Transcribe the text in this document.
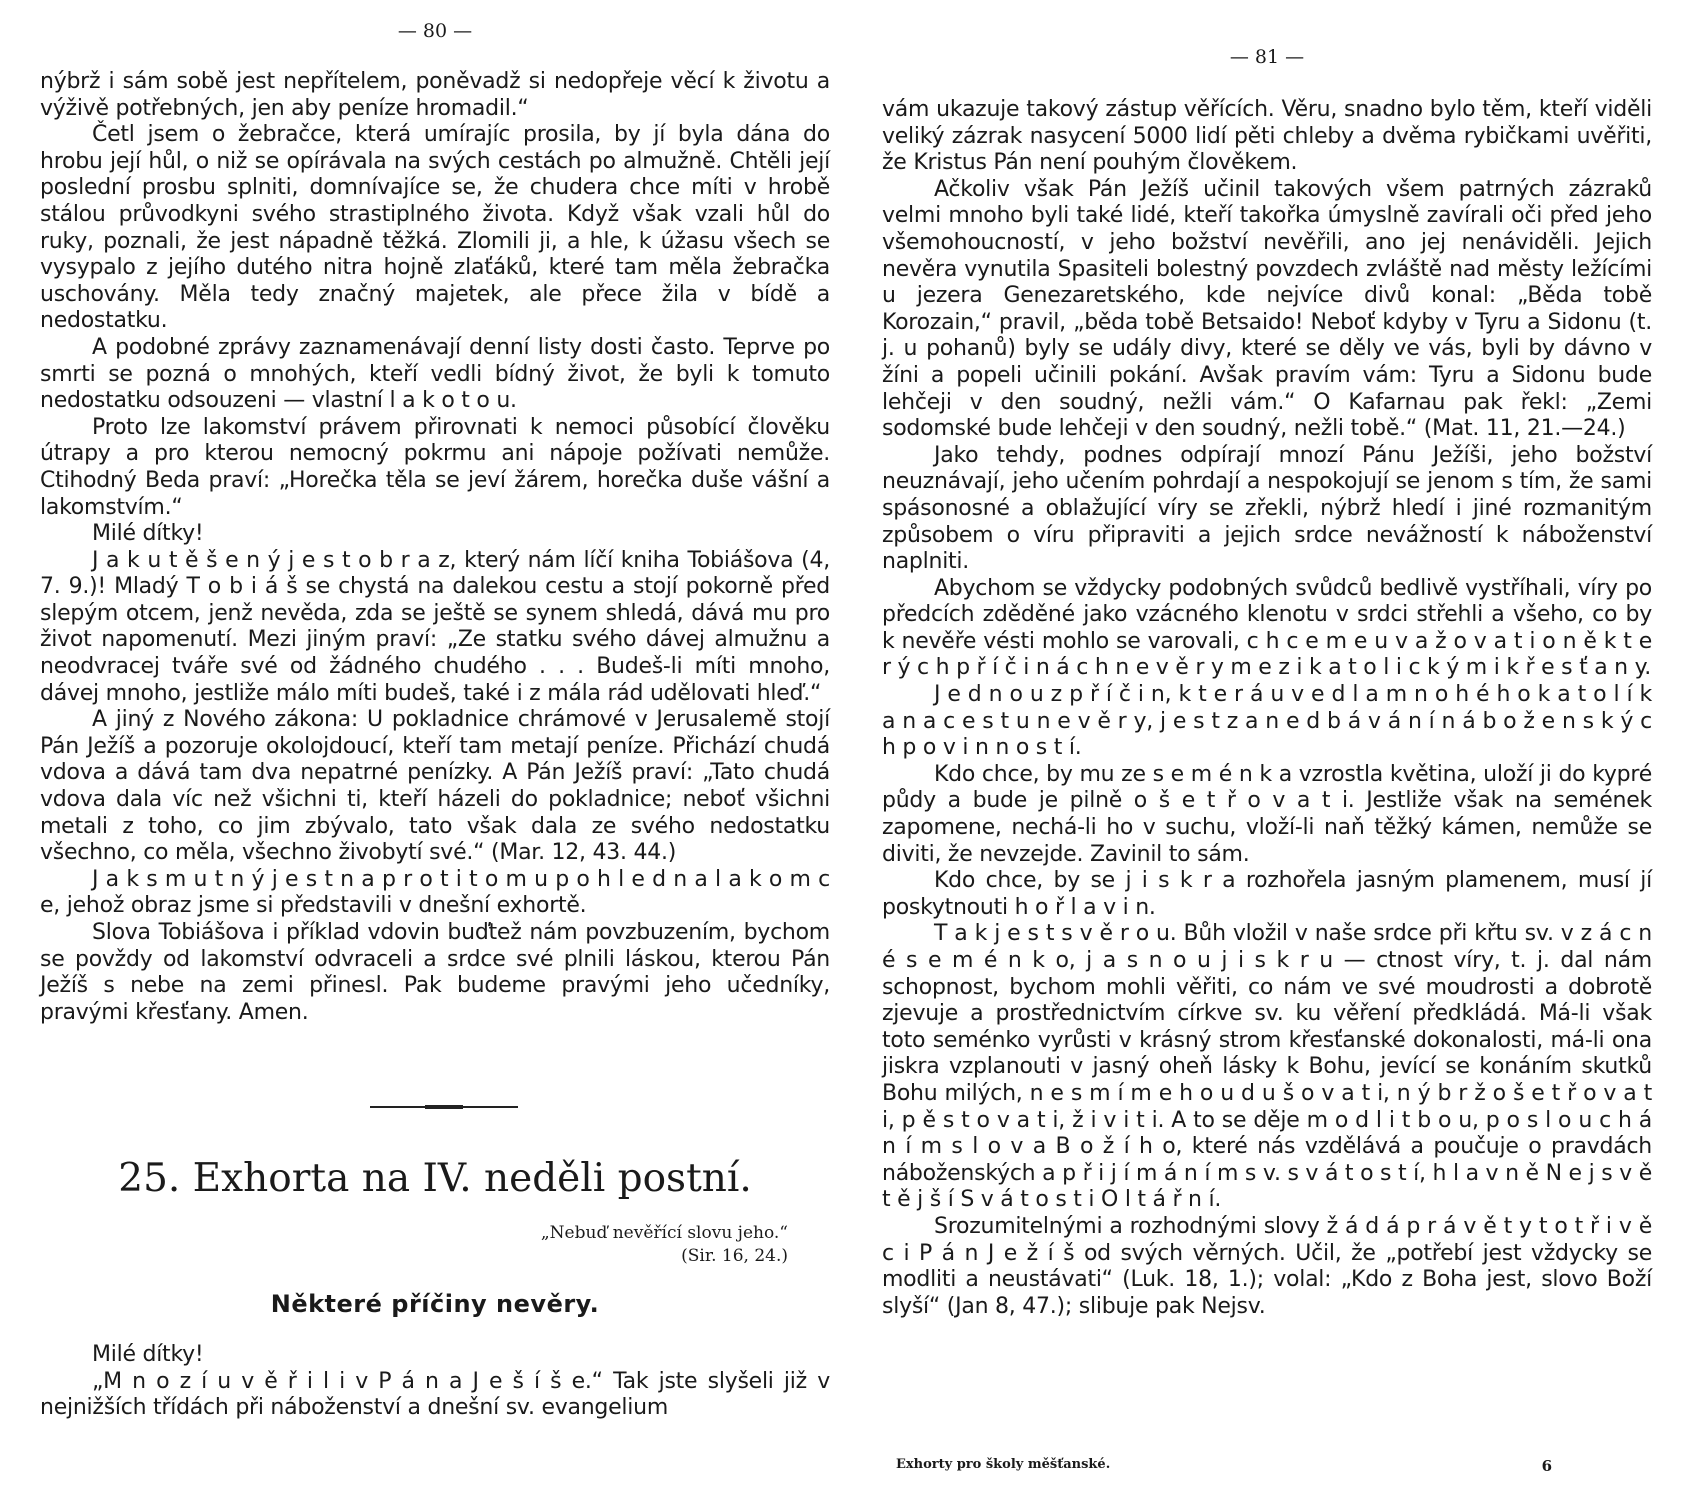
— 80 —

nýbrž i sám sobě jest nepřítelem, poněvadž si nedopřeje věcí k životu a výživě potřebných, jen aby peníze hromadil.“

Četl jsem o žebračce, která umírajíc prosila, by jí byla dána do hrobu její hůl, o niž se opírávala na svých cestách po almužně. Chtěli její poslední prosbu splniti, domnívajíce se, že chudera chce míti v hrobě stálou průvodkyni svého strastiplného života. Když však vzali hůl do ruky, poznali, že jest nápadně těžká. Zlomili ji, a hle, k úžasu všech se vysypalo z jejího dutého nitra hojně zlaťáků, které tam měla žebračka uschovány. Měla tedy značný majetek, ale přece žila v bídě a nedostatku.

A podobné zprávy zaznamenávají denní listy dosti často. Teprve po smrti se pozná o mnohých, kteří vedli bídný život, že byli k tomuto nedostatku odsouzeni — vlastní l a k o t o u.

Proto lze lakomství právem přirovnati k nemoci působící člověku útrapy a pro kterou nemocný pokrmu ani nápoje požívati nemůže. Ctihodný Beda praví: „Horečka těla se jeví žárem, horečka duše vášní a lakomstvím.“

Milé dítky!

J a k u t ě š e n ý j e s t o b r a z, který nám líčí kniha Tobiášova (4, 7. 9.)! Mladý T o b i á š se chystá na dalekou cestu a stojí pokorně před slepým otcem, jenž nevěda, zda se ještě se synem shledá, dává mu pro život napomenutí. Mezi jiným praví: „Ze statku svého dávej almužnu a neodvracej tváře své od žádného chudého . . . Budeš-li míti mnoho, dávej mnoho, jestliže málo míti budeš, také i z mála rád udělovati hleď.“

A jiný z Nového zákona: U pokladnice chrámové v Jerusalemě stojí Pán Ježíš a pozoruje okolojdoucí, kteří tam metají peníze. Přichází chudá vdova a dává tam dva nepatrné penízky. A Pán Ježíš praví: „Tato chudá vdova dala víc než všichni ti, kteří házeli do pokladnice; neboť všichni metali z toho, co jim zbývalo, tato však dala ze svého nedostatku všechno, co měla, všechno živobytí své.“ (Mar. 12, 43. 44.)

J a k s m u t n ý j e s t n a p r o t i t o m u p o h l e d n a l a k o m c e, jehož obraz jsme si představili v dnešní exhortě.

Slova Tobiášova i příklad vdovin buďtež nám povzbuzením, bychom se povždy od lakomství odvraceli a srdce své plnili láskou, kterou Pán Ježíš s nebe na zemi přinesl. Pak budeme pravými jeho učedníky, pravými křesťany. Amen.

25. Exhorta na IV. neděli postní.
„Nebuď nevěřící slovu jeho.“
(Sir. 16, 24.)
Některé příčiny nevěry.

Milé dítky!

„M n o z í u v ě ř i l i v P á n a J e š í š e.“ Tak jste slyšeli již v nejnižších třídách při náboženství a dnešní sv. evangelium

— 81 —

vám ukazuje takový zástup věřících. Věru, snadno bylo těm, kteří viděli veliký zázrak nasycení 5000 lidí pěti chleby a dvěma rybičkami uvěřiti, že Kristus Pán není pouhým člověkem.

Ačkoliv však Pán Ježíš učinil takových všem patrných zázraků velmi mnoho byli také lidé, kteří takořka úmyslně zavírali oči před jeho všemohoucností, v jeho božství nevěřili, ano jej nenáviděli. Jejich nevěra vynutila Spasiteli bolestný povzdech zvláště nad městy ležícími u jezera Genezaretského, kde nejvíce divů konal: „Běda tobě Korozain,“ pravil, „běda tobě Betsaido! Neboť kdyby v Tyru a Sidonu (t. j. u pohanů) byly se udály divy, které se děly ve vás, byli by dávno v žíni a popeli učinili pokání. Avšak pravím vám: Tyru a Sidonu bude lehčeji v den soudný, nežli vám.“ O Kafarnau pak řekl: „Zemi sodomské bude lehčeji v den soudný, nežli tobě.“ (Mat. 11, 21.—24.)

Jako tehdy, podnes odpírají mnozí Pánu Ježíši, jeho božství neuznávají, jeho učením pohrdají a nespokojují se jenom s tím, že sami spásonosné a oblažující víry se zřekli, nýbrž hledí i jiné rozmanitým způsobem o víru připraviti a jejich srdce nevážností k náboženství naplniti.

Abychom se vždycky podobných svůdců bedlivě vystříhali, víry po předcích zděděné jako vzácného klenotu v srdci střehli a všeho, co by k nevěře vésti mohlo se varovali, c h c e m e u v a ž o v a t i o n ě k t e r ý c h p ř í č i n á c h n e v ě r y m e z i k a t o l i c k ý m i k ř e s ť a n y.

J e d n o u z p ř í č i n, k t e r á u v e d l a m n o h é h o k a t o l í k a n a c e s t u n e v ě r y, j e s t z a n e d b á v á n í n á b o ž e n s k ý c h p o v i n n o s t í.

Kdo chce, by mu ze s e m é n k a vzrostla květina, uloží ji do kypré půdy a bude je pilně o š e t ř o v a t i. Jestliže však na semének zapomene, nechá-li ho v suchu, vloží-li naň těžký kámen, nemůže se diviti, že nevzejde. Zavinil to sám.

Kdo chce, by se j i s k r a rozhořela jasným plamenem, musí jí poskytnouti h o ř l a v i n.

T a k j e s t s v ě r o u. Bůh vložil v naše srdce při křtu sv. v z á c n é s e m é n k o, j a s n o u j i s k r u — ctnost víry, t. j. dal nám schopnost, bychom mohli věřiti, co nám ve své moudrosti a dobrotě zjevuje a prostřednictvím církve sv. ku věření předkládá. Má-li však toto seménko vyrůsti v krásný strom křesťanské dokonalosti, má-li ona jiskra vzplanouti v jasný oheň lásky k Bohu, jevící se konáním skutků Bohu milých, n e s m í m e h o u d u š o v a t i, n ý b r ž o š e t ř o v a t i, p ě s t o v a t i, ž i v i t i. A to se děje m o d l i t b o u, p o s l o u c h á n í m s l o v a B o ž í h o, které nás vzdělává a poučuje o pravdách náboženských a p ř i j í m á n í m s v. s v á t o s t í, h l a v n ě N e j s v ě t ě j š í S v á t o s t i O l t á ř n í.

Srozumitelnými a rozhodnými slovy ž á d á p r á v ě t y t o t ř i v ě c i P á n J e ž í š od svých věrných. Učil, že „potřebí jest vždycky se modliti a neustávati“ (Luk. 18, 1.); volal: „Kdo z Boha jest, slovo Boží slyší“ (Jan 8, 47.); slibuje pak Nejsv.

Exhorty pro školy měšťanské.	6
